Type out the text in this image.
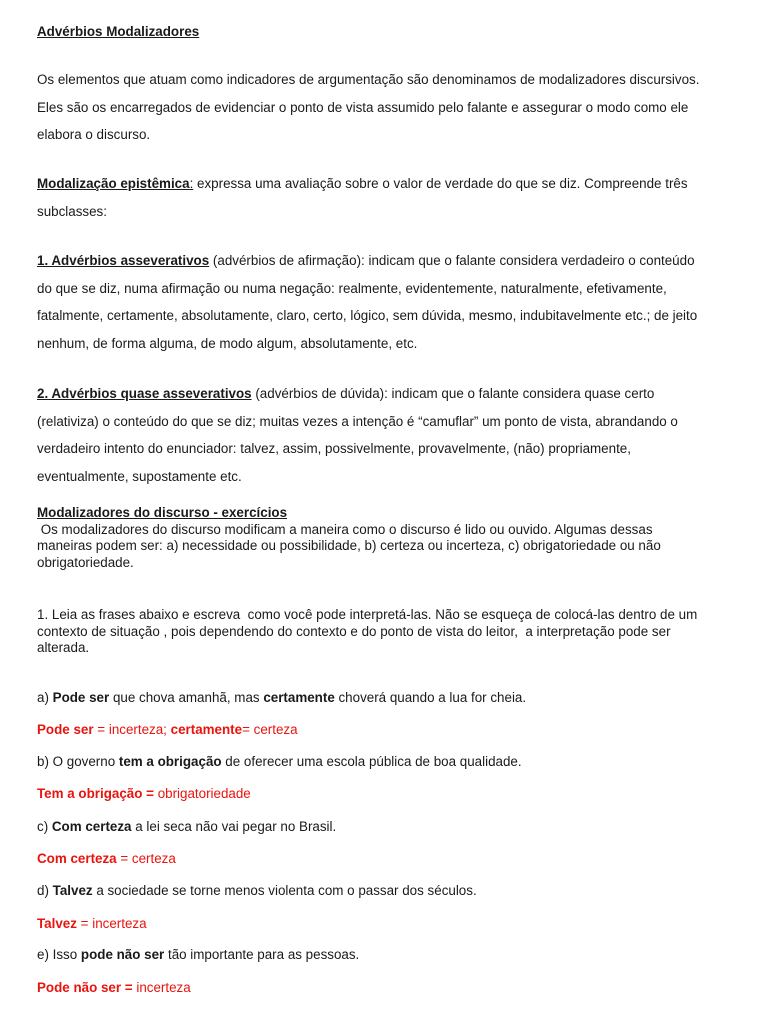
Advérbios Modalizadores

Os elementos que atuam como indicadores de argumentação são denominamos de modalizadores discursivos.

Eles são os encarregados de evidenciar o ponto de vista assumido pelo falante e assegurar o modo como ele

elabora o discurso.

Modalização epistêmica: expressa uma avaliação sobre o valor de verdade do que se diz. Compreende três

subclasses:

1. Advérbios asseverativos (advérbios de afirmação): indicam que o falante considera verdadeiro o conteúdo

do que se diz, numa afirmação ou numa negação: realmente, evidentemente, naturalmente, efetivamente,

fatalmente, certamente, absolutamente, claro, certo, lógico, sem dúvida, mesmo, indubitavelmente etc.; de jeito

nenhum, de forma alguma, de modo algum, absolutamente, etc.

2. Advérbios quase asseverativos (advérbios de dúvida): indicam que o falante considera quase certo

(relativiza) o conteúdo do que se diz; muitas vezes a intenção é “camuflar” um ponto de vista, abrandando o

verdadeiro intento do enunciador: talvez, assim, possivelmente, provavelmente, (não) propriamente,

eventualmente, supostamente etc.

Modalizadores do discurso - exercícios

Os modalizadores do discurso modificam a maneira como o discurso é lido ou ouvido. Algumas dessas

maneiras podem ser: a) necessidade ou possibilidade, b) certeza ou incerteza, c) obrigatoriedade ou não

obrigatoriedade.

1. Leia as frases abaixo e escreva  como você pode interpretá-las. Não se esqueça de colocá-las dentro de um

contexto de situação , pois dependendo do contexto e do ponto de vista do leitor,  a interpretação pode ser

alterada.

a) Pode ser que chova amanhã, mas certamente choverá quando a lua for cheia.

Pode ser = incerteza; certamente= certeza

b) O governo tem a obrigação de oferecer uma escola pública de boa qualidade.

Tem a obrigação = obrigatoriedade

c) Com certeza a lei seca não vai pegar no Brasil.

Com certeza = certeza

d) Talvez a sociedade se torne menos violenta com o passar dos séculos.

Talvez = incerteza

e) Isso pode não ser tão importante para as pessoas.

Pode não ser = incerteza
